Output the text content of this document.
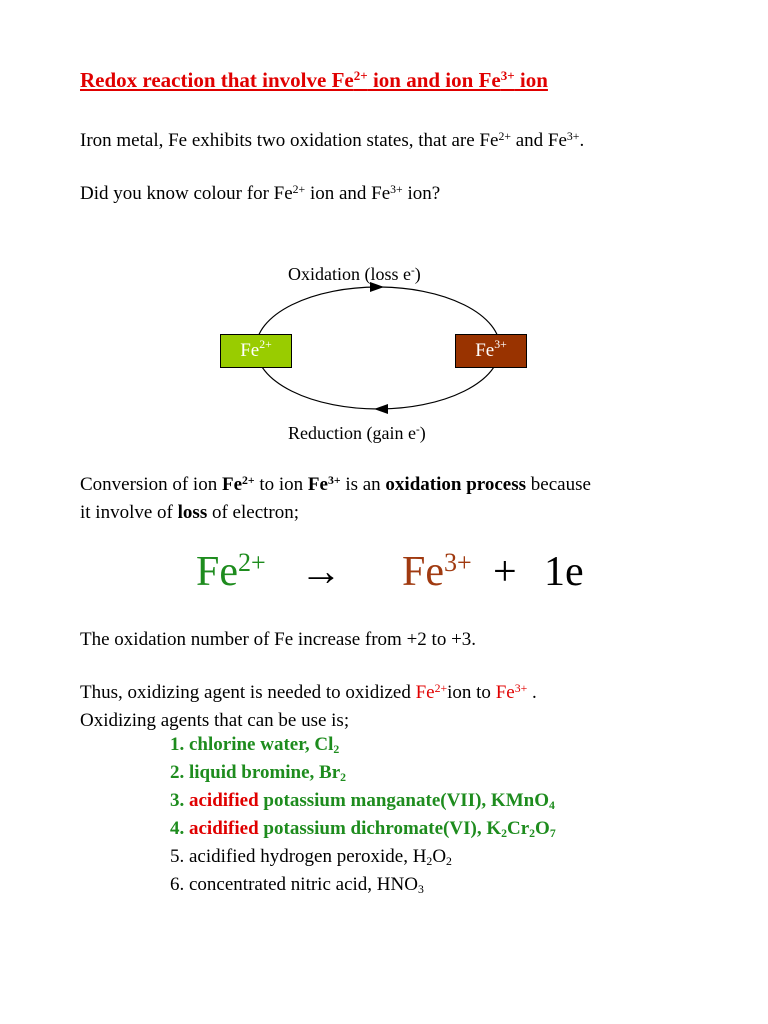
Redox reaction that involve $Fe^{2+}$ ion and ion $Fe^{3+}$ ion
Iron metal, Fe exhibits two oxidation states, that are $Fe^{2+}$ and $Fe^{3+}$.
Did you know colour for $Fe^{2+}$ ion and $Fe^{3+}$ ion?
Oxidation (loss e-)
$Fe^{2+}$	$Fe^{3+}$
Reduction (gain e-)
Conversion of ion $Fe^{2+}$ to ion $Fe^{3+}$ is an oxidation process because
it involve of loss of electron;
$Fe^{2+} \to Fe^{3+} + 1e$
The oxidation number of Fe increase from +2 to +3.
Thus, oxidizing agent is needed to oxidized $Fe^{2+}ion$ to $Fe^{3+}$ .
Oxidizing agents that can be use is;
1. chlorine water, $Cl_2$
2. liquid bromine, $Br_2$
3. acidified potassium manganate(VII), KMnO$_4$
4. acidified potassium dichromate(VI), $K_2Cr_2O_7$
5. acidified hydrogen peroxide, $H_2O_2$
6. concentrated nitric acid, $HNO_3$
